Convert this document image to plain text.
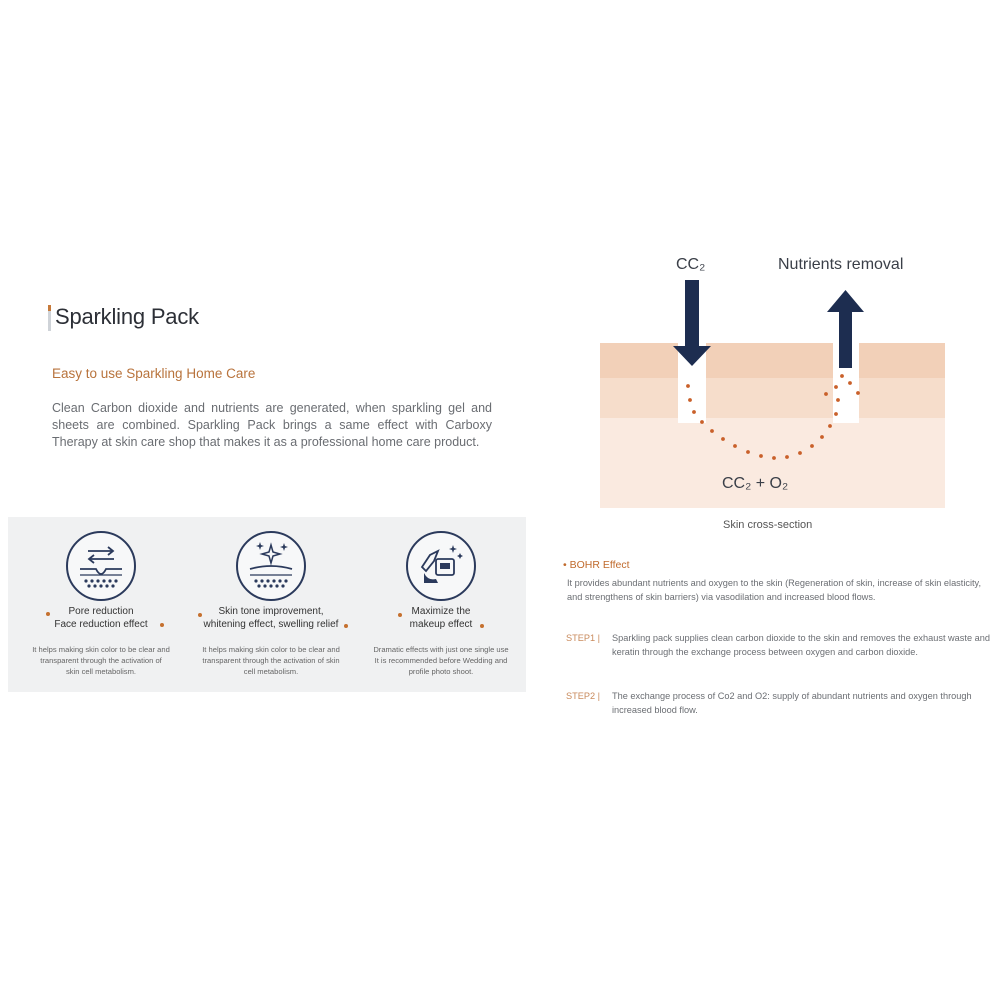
Sparkling Pack
Easy to use Sparkling Home Care
Clean Carbon dioxide and nutrients are generated, when sparkling gel and sheets are combined. Sparkling Pack brings a same effect with Carboxy Therapy at skin care shop that makes it as a professional home care product.
Pore reduction
Face reduction effect
It helps making skin color to be clear and
transparent through the activation of
skin cell metabolism.
Skin tone improvement,
whitening effect, swelling relief
It helps making skin color to be clear and
transparent through the activation of skin
cell metabolism.
Maximize the
makeup effect
Dramatic effects with just one single use
It is recommended before Wedding and
profile photo shoot.
CC₂	Nutrients removal
CC₂ + O₂
Skin cross-section
• BOHR Effect
It provides abundant nutrients and oxygen to the skin (Regeneration of skin, increase of skin elasticity, and strengthens of skin barriers) via vasodilation and increased blood flows.
STEP1 |	Sparkling pack supplies clean carbon dioxide to the skin and removes the exhaust waste and keratin through the exchange process between oxygen and carbon dioxide.
STEP2 |	The exchange process of Co2 and O2: supply of abundant nutrients and oxygen through increased blood flow.
